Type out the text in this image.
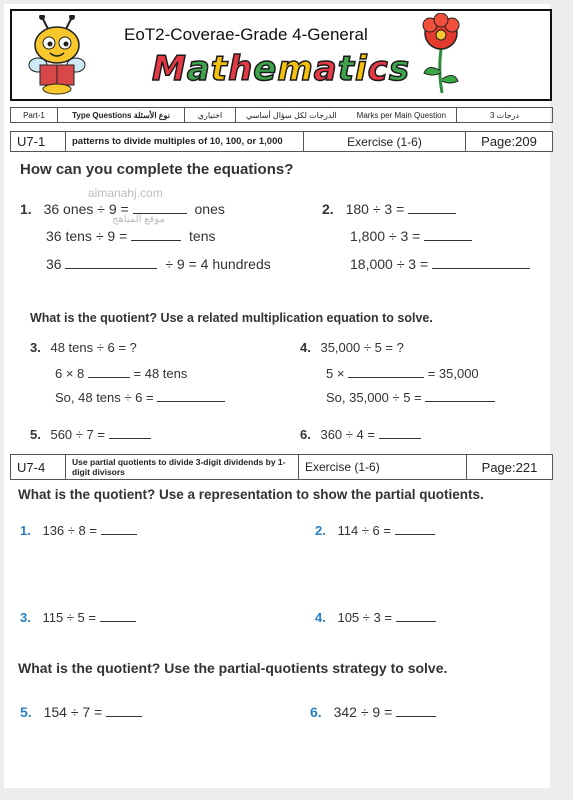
EoT2-Coverae-Grade 4-General
Mathematics
Part-1	Type Questions نوع الأسئلة	اختياري	الدرجات لكل سؤال أساسي Marks per Main Question	3 درجات
U7-1	patterns to divide multiples of 10, 100, or 1,000	Exercise (1-6)	Page:209
How can you complete the equations?
1. 36 ones ÷ 9 =	ones
36 tens ÷ 9 =	tens
36	÷ 9 = 4 hundreds
2. 180 ÷ 3 =
1,800 ÷ 3 =
18,000 ÷ 3 =
almanahj.com
موقع المناهج
What is the quotient? Use a related multiplication equation to solve.
3. 48 tens ÷ 6 = ?
6 × 8	= 48 tens
So, 48 tens ÷ 6 =
4. 35,000 ÷ 5 = ?
5 ×	= 35,000
So, 35,000 ÷ 5 =
5. 560 ÷ 7 =	6. 360 ÷ 4 =
U7-4	Use partial quotients to divide 3-digit dividends by 1-
digit divisors	Exercise (1-6)	Page:221
What is the quotient? Use a representation to show the partial quotients.
1. 136 ÷ 8 =	2. 114 ÷ 6 =
3. 115 ÷ 5 =	4. 105 ÷ 3 =
What is the quotient? Use the partial-quotients strategy to solve.
5. 154 ÷ 7 =	6. 342 ÷ 9 =
